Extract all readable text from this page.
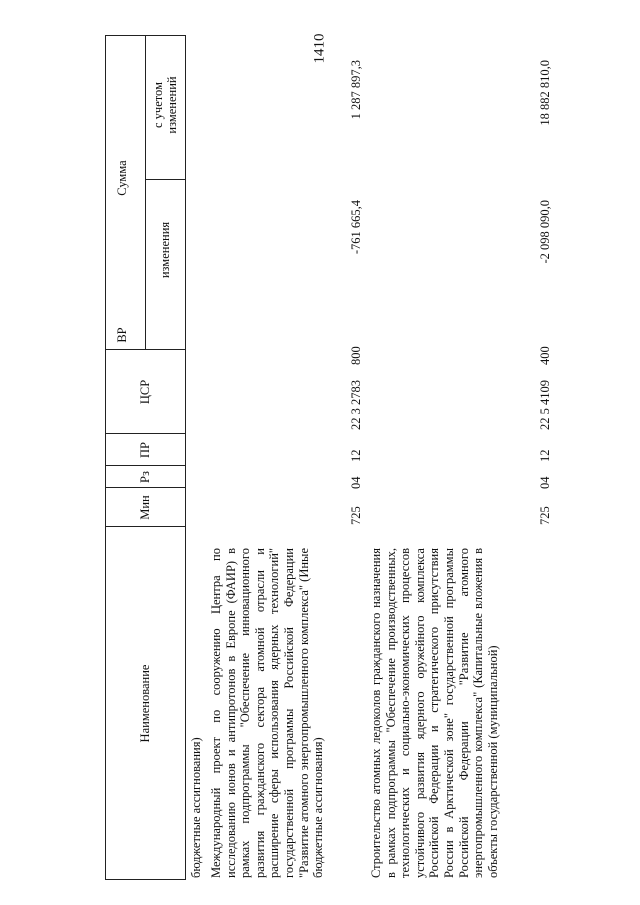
1410
Наименование
Мин
Рз
ПР
ЦСР
ВР
Сумма
изменения
с учетом изменений
бюджетные ассигнования) Международный проект по сооружению Центра по исследованию ионов и антипротонов в Европе (ФАИР) в рамках подпрограммы "Обеспечение инновационного развития гражданского сектора атомной отрасли и расширение сферы использования ядерных технологий" государственной программы Российской Федерации "Развитие атомного энергопромышленного комплекса" (Иные бюджетные ассигнования)
725
04
12
22 3 2783
800
-761 665,4
1 287 897,3
Строительство атомных ледоколов гражданского назначения в рамках подпрограммы "Обеспечение производственных, технологических и социально-экономических процессов устойчивого развития ядерного оружейного комплекса Российской Федерации и стратегического присутствия России в Арктической зоне" государственной программы Российской Федерации "Развитие атомного энергопромышленного комплекса" (Капитальные вложения в объекты государственной (муниципальной)
725
04
12
22 5 4109
400
-2 098 090,0
18 882 810,0
